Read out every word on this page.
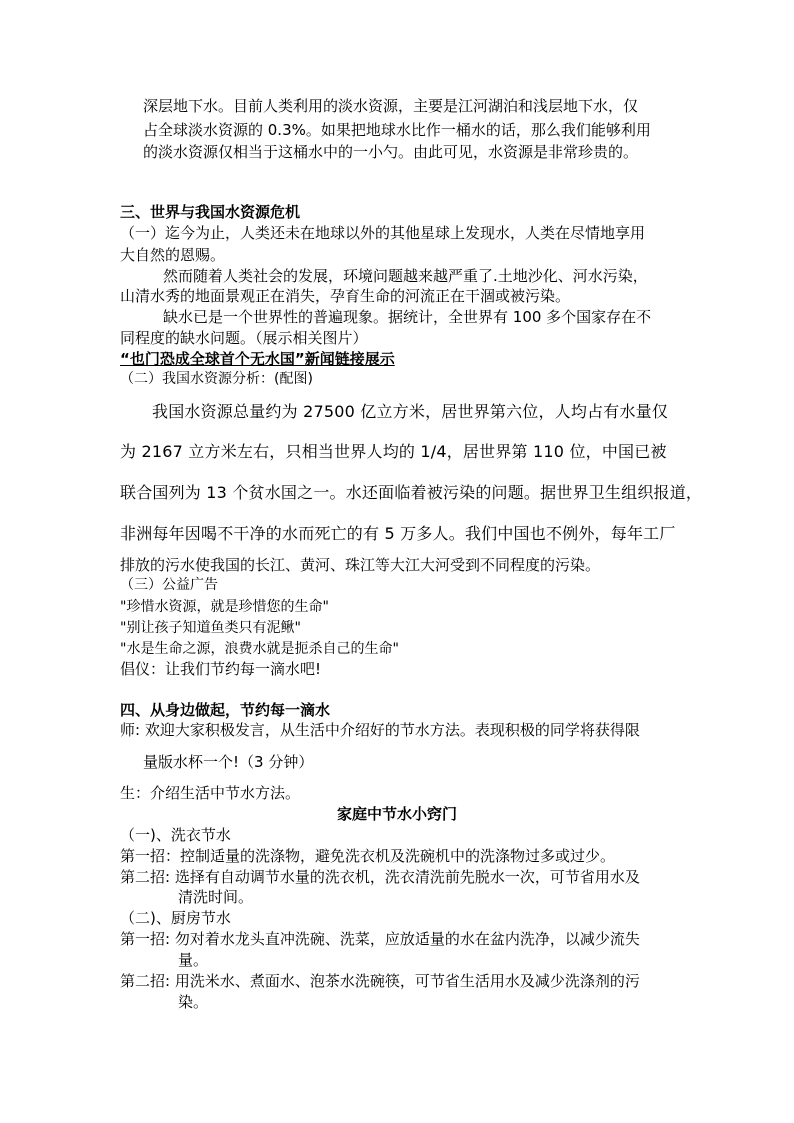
深层地下水。目前人类利用的淡水资源，主要是江河湖泊和浅层地下水，仅
占全球淡水资源的 0.3%。如果把地球水比作一桶水的话，那么我们能够利用
的淡水资源仅相当于这桶水中的一小勺。由此可见，水资源是非常珍贵的。
三、世界与我国水资源危机
（一）迄今为止，人类还未在地球以外的其他星球上发现水，人类在尽情地享用
大自然的恩赐。
然而随着人类社会的发展，环境问题越来越严重了.土地沙化、河水污染，
山清水秀的地面景观正在消失，孕育生命的河流正在干涸或被污染。
缺水已是一个世界性的普遍现象。据统计，全世界有 100 多个国家存在不
同程度的缺水问题。（展示相关图片）
“也门恐成全球首个无水国”新闻链接展示
（二）我国水资源分析：(配图)
我国水资源总量约为 27500 亿立方米，居世界第六位，人均占有水量仅
为 2167 立方米左右，只相当世界人均的 1/4，居世界第 110 位，中国已被
联合国列为 13 个贫水国之一。水还面临着被污染的问题。据世界卫生组织报道，
非洲每年因喝不干净的水而死亡的有 5 万多人。我们中国也不例外，每年工厂
排放的污水使我国的长江、黄河、珠江等大江大河受到不同程度的污染。
（三）公益广告
"珍惜水资源，就是珍惜您的生命"
"别让孩子知道鱼类只有泥鳅"
"水是生命之源，浪费水就是扼杀自己的生命"
倡仪：让我们节约每一滴水吧!
四、从身边做起，节约每一滴水
师: 欢迎大家积极发言，从生活中介绍好的节水方法。表现积极的同学将获得限
量版水杯一个!（3 分钟）
生：介绍生活中节水方法。
家庭中节水小窍门
（一)、洗衣节水
第一招：控制适量的洗涤物，避免洗衣机及洗碗机中的洗涤物过多或过少。
第二招: 选择有自动调节水量的洗衣机，洗衣清洗前先脱水一次，可节省用水及
清洗时间。
（二)、厨房节水
第一招: 勿对着水龙头直冲洗碗、洗菜，应放适量的水在盆内洗净，以减少流失
量。
第二招: 用洗米水、煮面水、泡茶水洗碗筷，可节省生活用水及减少洗涤剂的污
染。
